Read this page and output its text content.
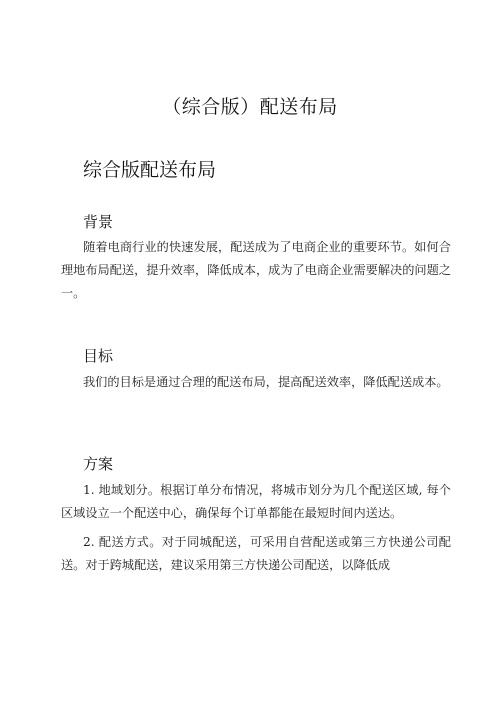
（综合版）配送布局
综合版配送布局
背景
随着电商行业的快速发展，配送成为了电商企业的重要环节。如何合理地布局配送，提升效率，降低成本，成为了电商企业需要解决的问题之一。
目标
我们的目标是通过合理的配送布局，提高配送效率，降低配送成本。
方案
1. 地域划分。根据订单分布情况，将城市划分为几个配送区域, 每个区域设立一个配送中心，确保每个订单都能在最短时间内送达。
2. 配送方式。对于同城配送，可采用自营配送或第三方快递公司配送。对于跨城配送，建议采用第三方快递公司配送，以降低成
